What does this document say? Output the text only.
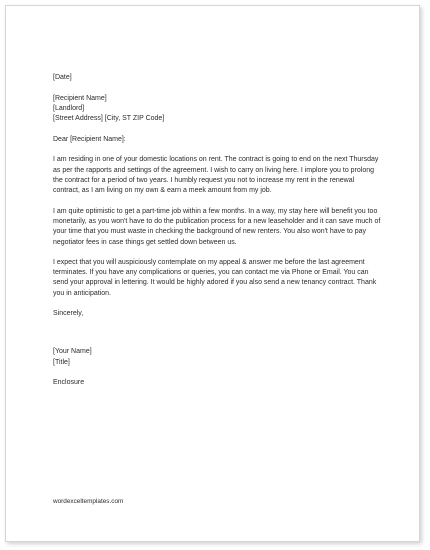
[Date]
[Recipient Name]
[Landlord]
[Street Address] [City, ST ZIP Code]
Dear [Recipient Name]:
I am residing in one of your domestic locations on rent. The contract is going to end on the next Thursday as per the rapports and settings of the agreement. I wish to carry on living here. I implore you to prolong the contract for a period of two years. I humbly request you not to increase my rent in the renewal contract, as I am living on my own & earn a meek amount from my job.
I am quite optimistic to get a part-time job within a few months. In a way, my stay here will benefit you too monetarily, as you won't have to do the publication process for a new leaseholder and it can save much of your time that you must waste in checking the background of new renters. You also won't have to pay negotiator fees in case things get settled down between us.
I expect that you will auspiciously contemplate on my appeal & answer me before the last agreement terminates. If you have any complications or queries, you can contact me via Phone or Email. You can send your approval in lettering. It would be highly adored if you also send a new tenancy contract. Thank you in anticipation.
Sincerely,
[Your Name]
[Title]
Enclosure
wordexceltemplates.com
